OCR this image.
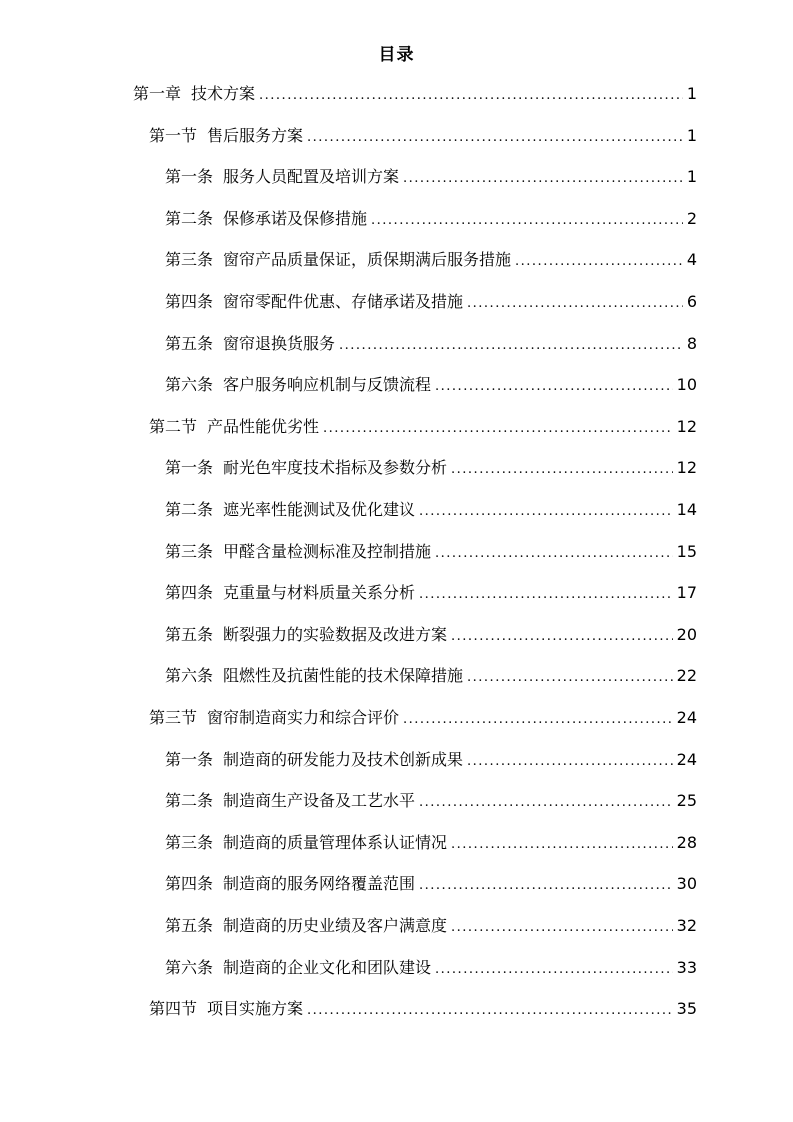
目录
第一章 技术方案 .....	1
第一节 售后服务方案 .....	1
第一条 服务人员配置及培训方案 .....	1
第二条 保修承诺及保修措施 .....	2
第三条 窗帘产品质量保证，质保期满后服务措施 .....	4
第四条 窗帘零配件优惠、存储承诺及措施 .....	6
第五条 窗帘退换货服务 .....	8
第六条 客户服务响应机制与反馈流程 .....	10
第二节 产品性能优劣性 .....	12
第一条 耐光色牢度技术指标及参数分析 .....	12
第二条 遮光率性能测试及优化建议 .....	14
第三条 甲醛含量检测标准及控制措施 .....	15
第四条 克重量与材料质量关系分析 .....	17
第五条 断裂强力的实验数据及改进方案 .....	20
第六条 阻燃性及抗菌性能的技术保障措施 .....	22
第三节 窗帘制造商实力和综合评价 .....	24
第一条 制造商的研发能力及技术创新成果 .....	24
第二条 制造商生产设备及工艺水平 .....	25
第三条 制造商的质量管理体系认证情况 .....	28
第四条 制造商的服务网络覆盖范围 .....	30
第五条 制造商的历史业绩及客户满意度 .....	32
第六条 制造商的企业文化和团队建设 .....	33
第四节 项目实施方案 .....	35
